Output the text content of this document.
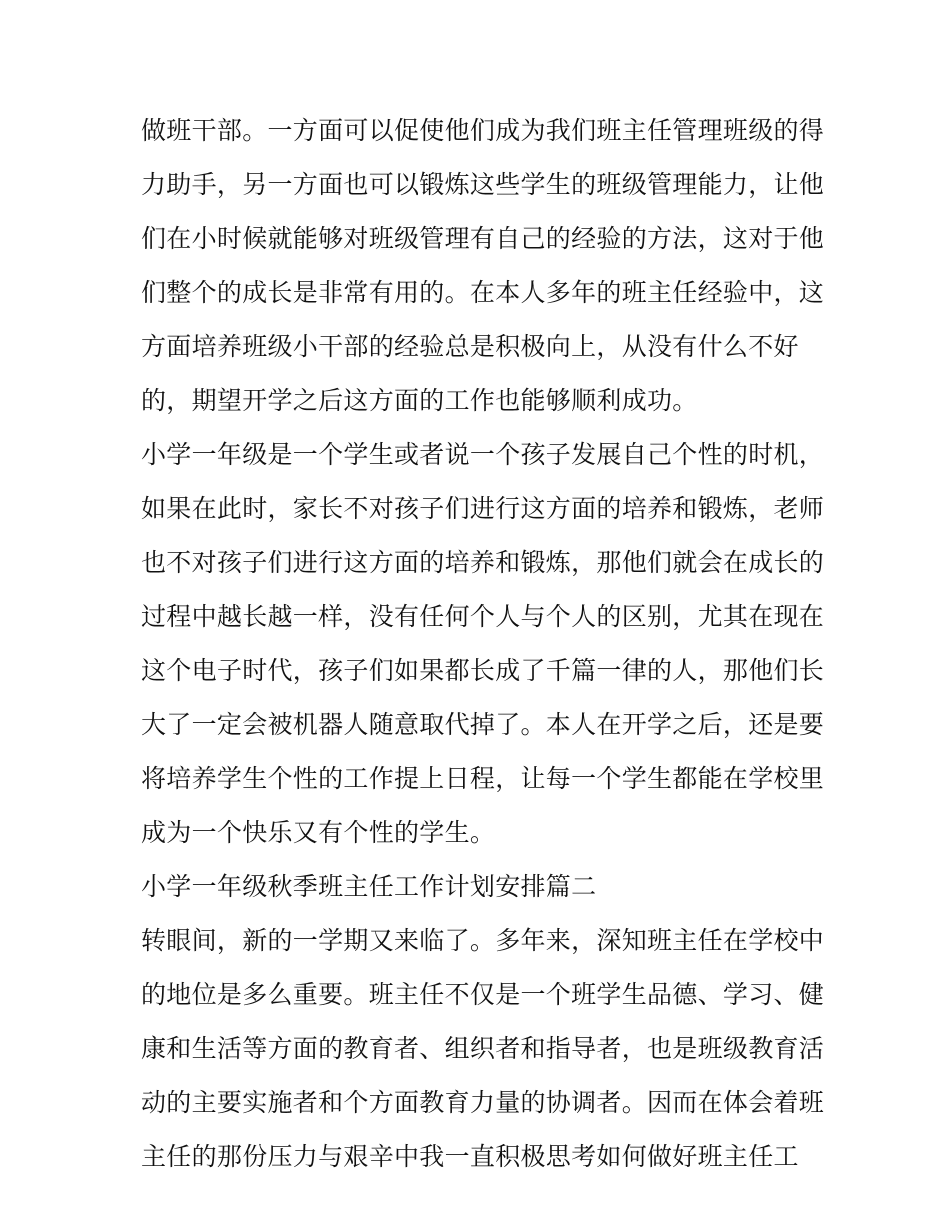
做班干部。一方面可以促使他们成为我们班主任管理班级的得
力助手，另一方面也可以锻炼这些学生的班级管理能力，让他
们在小时候就能够对班级管理有自己的经验的方法，这对于他
们整个的成长是非常有用的。在本人多年的班主任经验中，这
方面培养班级小干部的经验总是积极向上，从没有什么不好
的，期望开学之后这方面的工作也能够顺利成功。
小学一年级是一个学生或者说一个孩子发展自己个性的时机，
如果在此时，家长不对孩子们进行这方面的培养和锻炼，老师
也不对孩子们进行这方面的培养和锻炼，那他们就会在成长的
过程中越长越一样，没有任何个人与个人的区别，尤其在现在
这个电子时代，孩子们如果都长成了千篇一律的人，那他们长
大了一定会被机器人随意取代掉了。本人在开学之后，还是要
将培养学生个性的工作提上日程，让每一个学生都能在学校里
成为一个快乐又有个性的学生。
小学一年级秋季班主任工作计划安排篇二
转眼间，新的一学期又来临了。多年来，深知班主任在学校中
的地位是多么重要。班主任不仅是一个班学生品德、学习、健
康和生活等方面的教育者、组织者和指导者，也是班级教育活
动的主要实施者和个方面教育力量的协调者。因而在体会着班
主任的那份压力与艰辛中我一直积极思考如何做好班主任工
